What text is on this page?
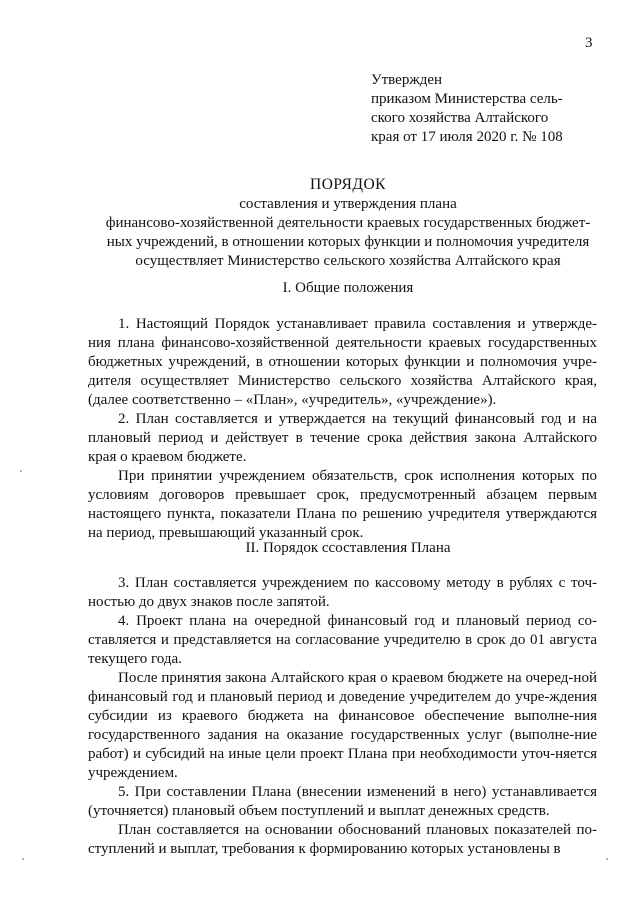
3
Утвержден
приказом Министерства сель-
ского хозяйства Алтайского
края от 17 июля 2020 г. № 108
ПОРЯДОК
составления и утверждения плана
финансово-хозяйственной деятельности краевых государственных бюджет-
ных учреждений, в отношении которых функции и полномочия учредителя
осуществляет Министерство сельского хозяйства Алтайского края
I. Общие положения

1. Настоящий Порядок устанавливает правила составления и утвержде-ния плана финансово-хозяйственной деятельности краевых государственных бюджетных учреждений, в отношении которых функции и полномочия учре-дителя осуществляет Министерство сельского хозяйства Алтайского края, (далее соответственно – «План», «учредитель», «учреждение»).

2. План составляется и утверждается на текущий финансовый год и на плановый период и действует в течение срока действия закона Алтайского края о краевом бюджете.

При принятии учреждением обязательств, срок исполнения которых по условиям договоров превышает срок, предусмотренный абзацем первым настоящего пункта, показатели Плана по решению учредителя утверждаются на период, превышающий указанный срок.

II. Порядок ссоставления Плана

3. План составляется учреждением по кассовому методу в рублях с точ-ностью до двух знаков после запятой.

4. Проект плана на очередной финансовый год и плановый период со-ставляется и представляется на согласование учредителю в срок до 01 августа текущего года.

После принятия закона Алтайского края о краевом бюджете на очеред-ной финансовый год и плановый период и доведение учредителем до учре-ждения субсидии из краевого бюджета на финансовое обеспечение выполне-ния государственного задания на оказание государственных услуг (выполне-ние работ) и субсидий на иные цели проект Плана при необходимости уточ-няется учреждением.

5. При составлении Плана (внесении изменений в него) устанавливается (уточняется) плановый объем поступлений и выплат денежных средств.

План составляется на основании обоснований плановых показателей по-ступлений и выплат, требования к формированию которых установлены в
